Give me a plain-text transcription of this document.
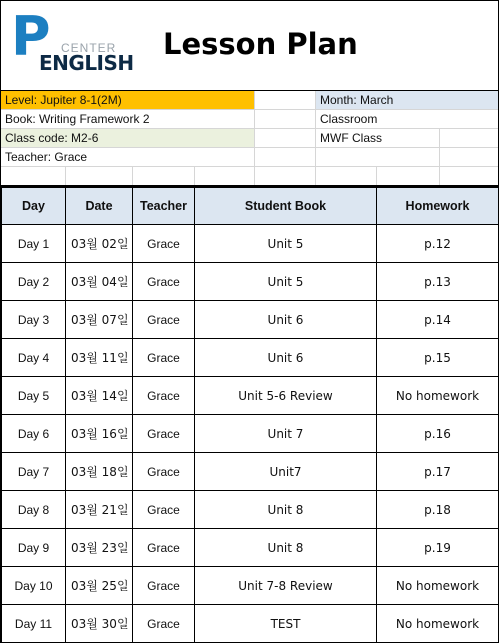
P CENTER
ENGLISH
Lesson Plan
Level: Jupiter 8-1(2M)
Book: Writing Framework 2
Class code: M2-6
Teacher: Grace
Month: March
Classroom
MWF Class
Day	Date	Teacher	Student Book	Homework
Day 1	03월 02일	Grace	Unit 5	p.12
Day 2	03월 04일	Grace	Unit 5	p.13
Day 3	03월 07일	Grace	Unit 6	p.14
Day 4	03월 11일	Grace	Unit 6	p.15
Day 5	03월 14일	Grace	Unit 5-6 Review	No homework
Day 6	03월 16일	Grace	Unit 7	p.16
Day 7	03월 18일	Grace	Unit7	p.17
Day 8	03월 21일	Grace	Unit 8	p.18
Day 9	03월 23일	Grace	Unit 8	p.19
Day 10	03월 25일	Grace	Unit 7-8 Review	No homework
Day 11	03월 30일	Grace	TEST	No homework
